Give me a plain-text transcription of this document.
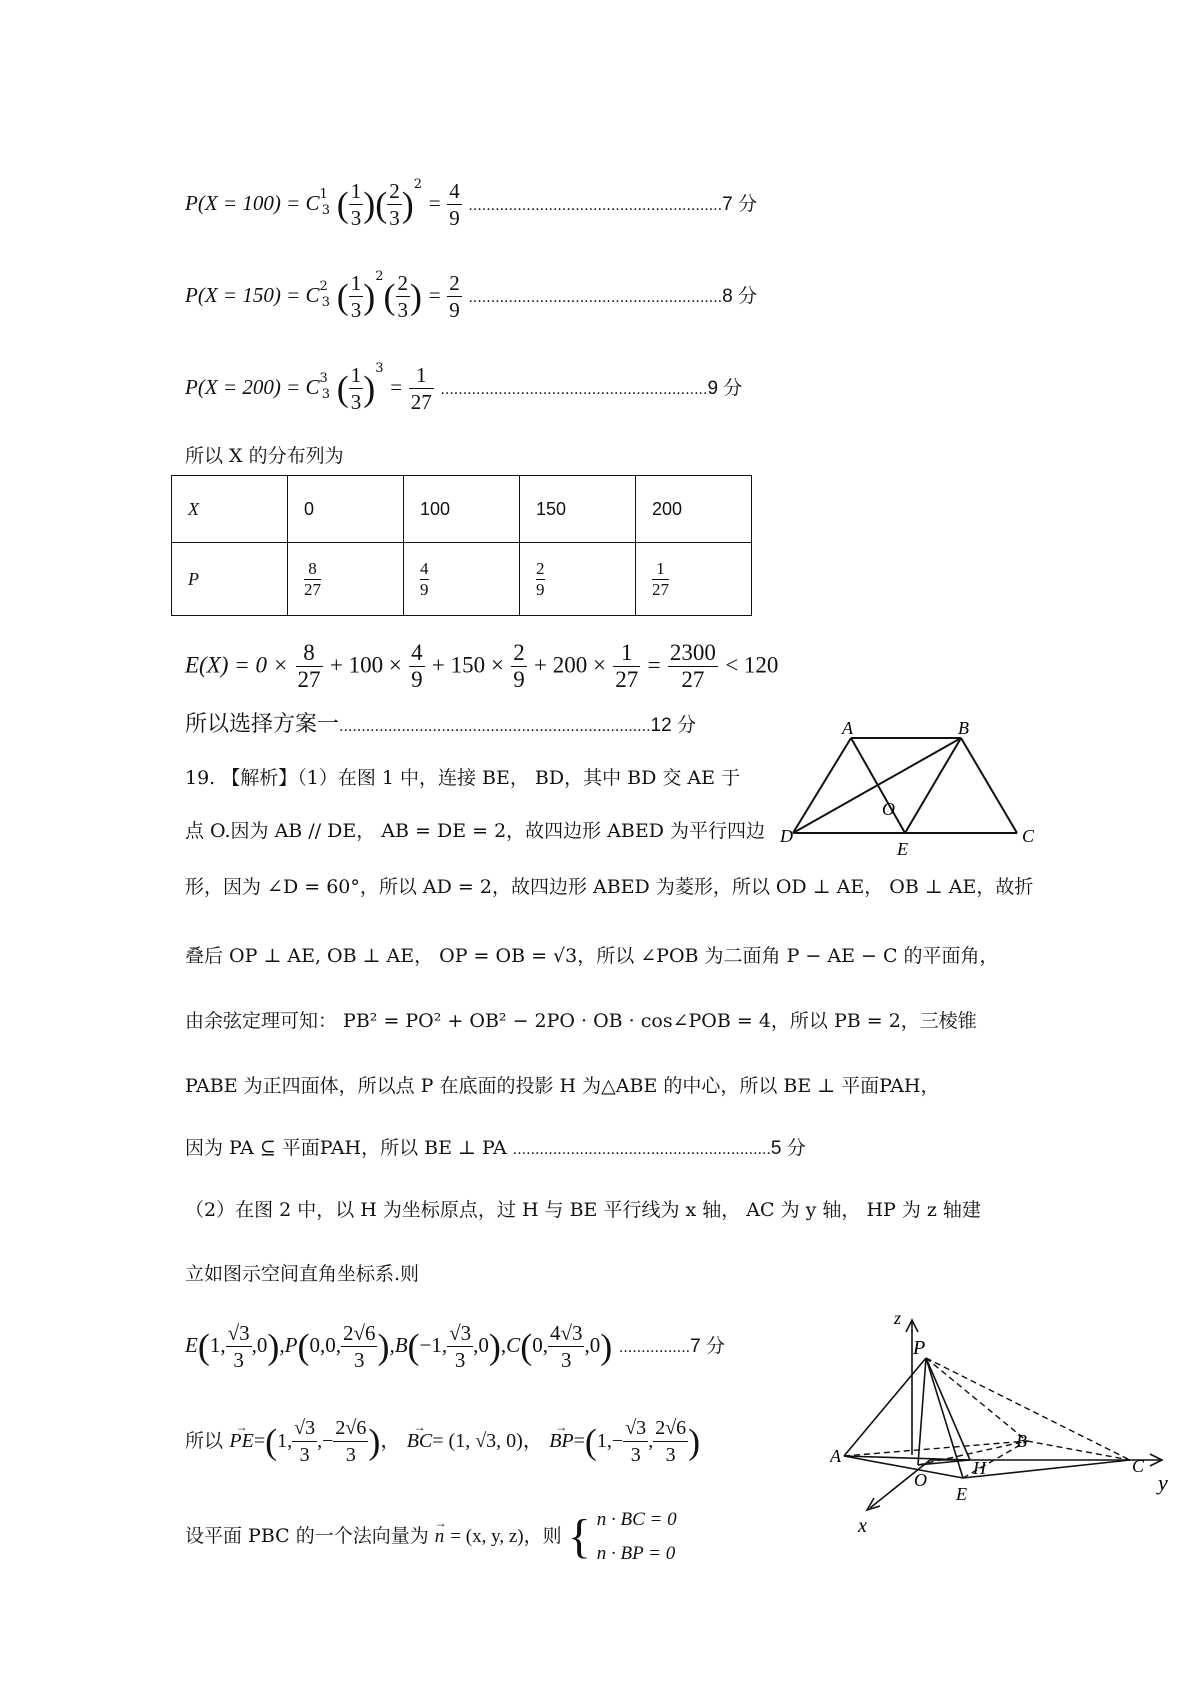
$P(X = 100) = C^1_3$ ( $\frac{1}{3}$ )( $\frac{2}{3} )^2 = \frac{4}{9} .........................................................7$ 分
$P(X = 150) = C^2_3$ ( $\frac{1}{3} )^2( \frac{2}{3}$ ) = $\frac{2}{9} .........................................................8$ 分
$P(X = 200) = C^3_3$ ( $\frac{1}{3} )^3 = \frac{1}{27} ............................................................9$ 分
所以 X 的分布列为
X	0	100	150	200
P	$\frac{8}{27}$	$\frac{4}{9}$	$\frac{2}{9}$	$\frac{1}{27}$
$E(X) = 0 \times \frac{8}{27} + 100 \times \frac{4}{9} + 150 \times \frac{2}{9} + 200 \times \frac{1}{27} = \frac{2300}{27} < 120$
所以选择方案一......................................................................12 分
19. 【解析】（1）在图 1 中，连接 BE， BD，其中 BD 交 AE 于
点 O.因为 AB // DE， AB = DE = 2，故四边形 ABED 为平行四边
形，因为 ∠D = 60°，所以 AD = 2，故四边形 ABED 为菱形，所以 OD ⊥ AE， OB ⊥ AE，故折
叠后 OP ⊥ AE, OB ⊥ AE， OP = OB = √3，所以 ∠POB 为二面角 P − AE − C 的平面角，
由余弦定理可知： PB² = PO² + OB² − 2PO · OB · cos∠POB = 4，所以 PB = 2，三棱锥
PABE 为正四面体，所以点 P 在底面的投影 H 为△ABE 的中心，所以 BE ⊥ 平面PAH，
因为 PA ⊆ 平面PAH，所以 BE ⊥ PA ..........................................................5 分
（2）在图 2 中，以 H 为坐标原点，过 H 与 BE 平行线为 x 轴， AC 为 y 轴， HP 为 z 轴建
立如图示空间直角坐标系.则
E(1, $\frac{√3}{3} ,0),P(0,0$, $\frac{2√6}{3} ),B(-1$, $\frac{√3}{3} ,0),C(0$, $\frac{4√3}{3} ,0$) ................7 分
所以 PE →=(1, $\frac{√3}{3}$ ,− $\frac{2√6}{3}$ )， BC →= (1, √3, 0)， BP $\to=(1,- \frac{√3}{3}$ , $\frac{2√6}{3}$ )
设平面 PBC 的一个法向量为 n → = (x, y, z)，则 { n · BC = 0
n · BP = 0
A	B
C
D
E
O
z
P
A
B
C
O
H
E
x
y
